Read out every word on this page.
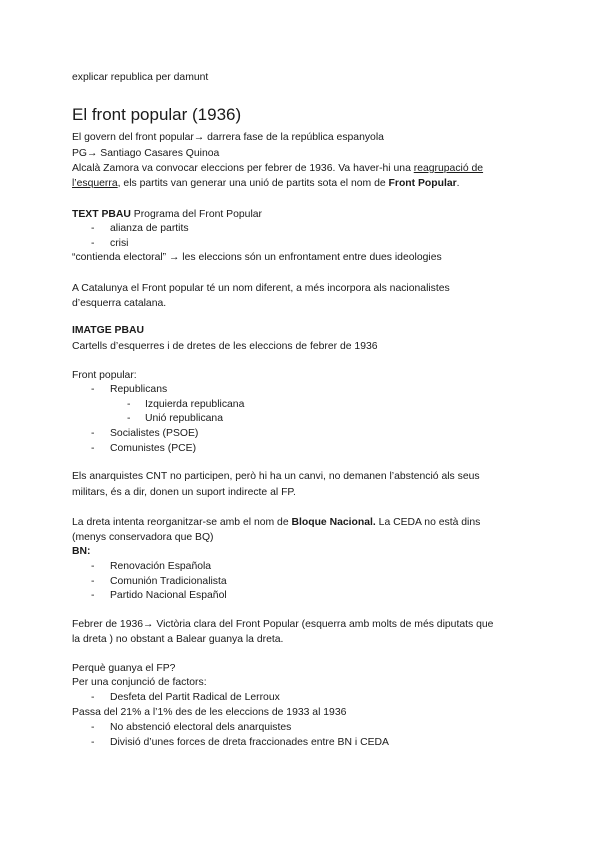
explicar republica per damunt
El front popular (1936)
El govern del front popular→ darrera fase de la república espanyola
PG→ Santiago Casares Quinoa
Alcalà Zamora va convocar eleccions per febrer de 1936. Va haver-hi una reagrupació de
l’esquerra, els partits van generar una unió de partits sota el nom de Front Popular.
TEXT PBAU Programa del Front Popular
- alianza de partits
- crisi
“contienda electoral” → les eleccions són un enfrontament entre dues ideologies
A Catalunya el Front popular té un nom diferent, a més incorpora als nacionalistes
d’esquerra catalana.
IMATGE PBAU
Cartells d’esquerres i de dretes de les eleccions de febrer de 1936
Front popular:
- Republicans
- Izquierda republicana
- Unió republicana
- Socialistes (PSOE)
- Comunistes (PCE)
Els anarquistes CNT no participen, però hi ha un canvi, no demanen l’abstenció als seus
militars, és a dir, donen un suport indirecte al FP.
La dreta intenta reorganitzar-se amb el nom de Bloque Nacional. La CEDA no està dins
(menys conservadora que BQ)
BN:
- Renovación Española
- Comunión Tradicionalista
- Partido Nacional Español
Febrer de 1936→ Victòria clara del Front Popular (esquerra amb molts de més diputats que
la dreta ) no obstant a Balear guanya la dreta.
Perquè guanya el FP?
Per una conjunció de factors:
- Desfeta del Partit Radical de Lerroux
Passa del 21% a l’1% des de les eleccions de 1933 al 1936
- No abstenció electoral dels anarquistes
- Divisió d’unes forces de dreta fraccionades entre BN i CEDA
